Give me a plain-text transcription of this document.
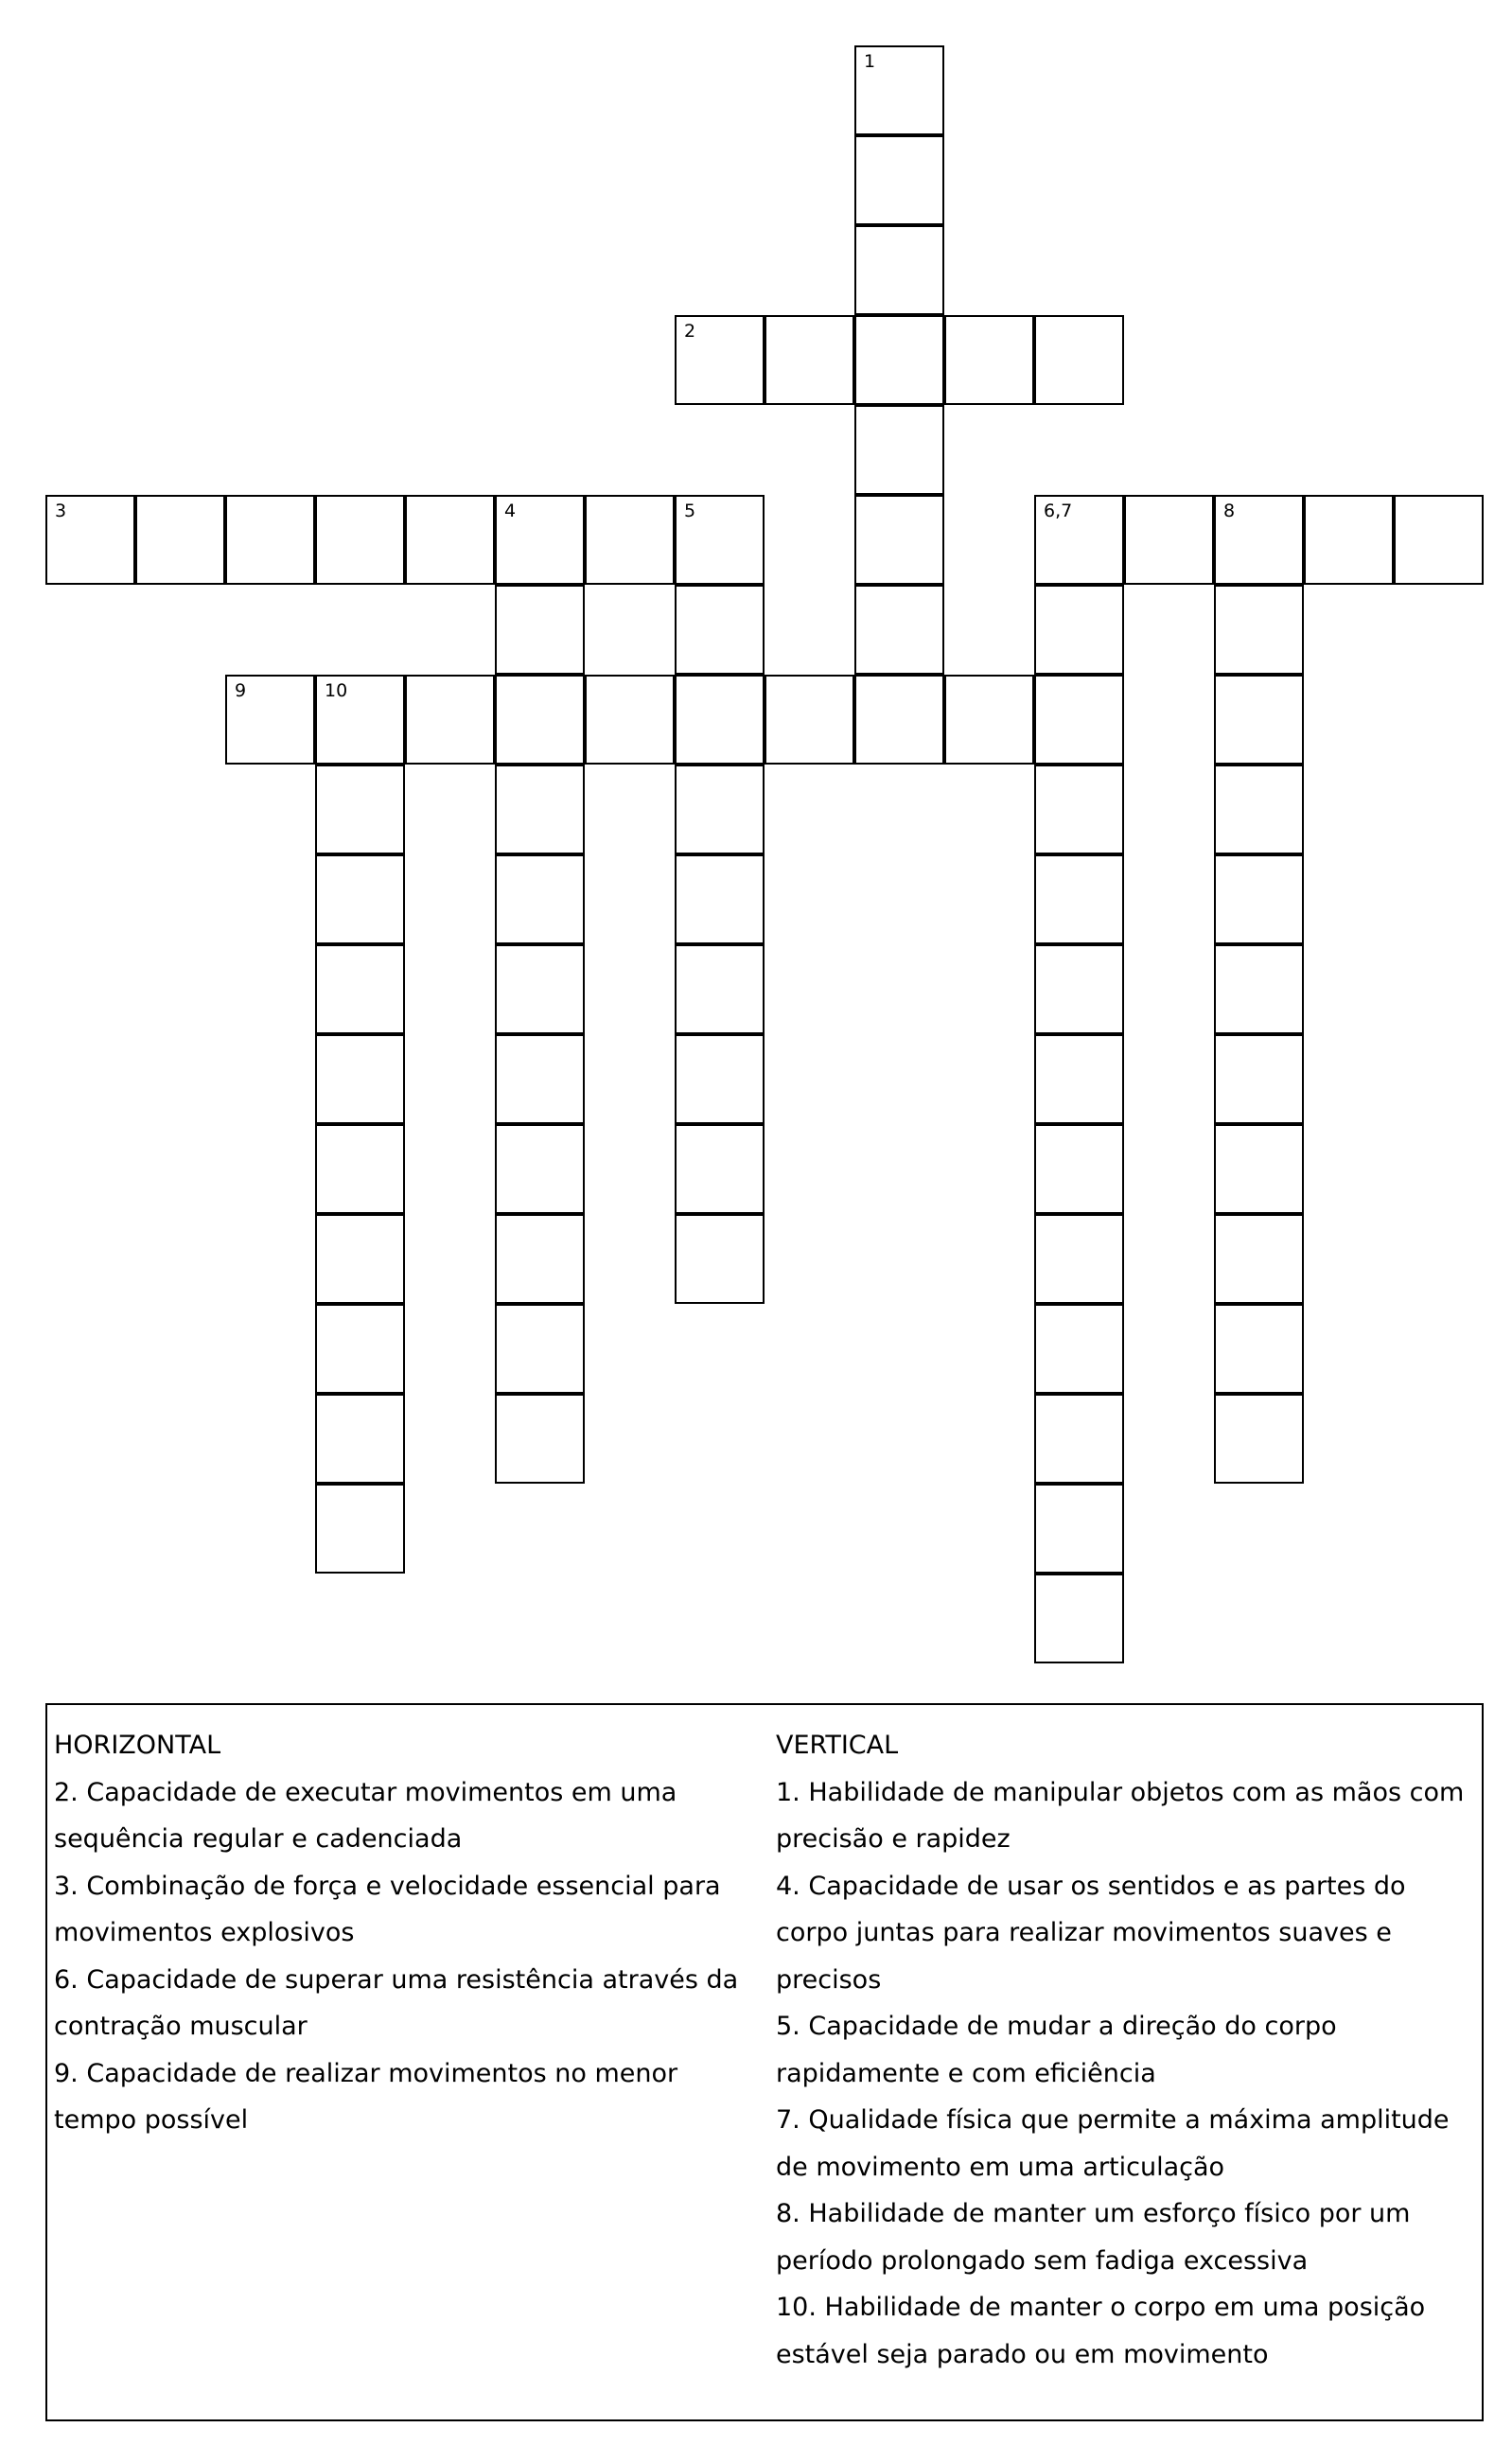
1
2
3	4	5	6,7	8
9	10
HORIZONTAL
2. Capacidade de executar movimentos em uma sequência regular e cadenciada
3. Combinação de força e velocidade essencial para movimentos explosivos
6. Capacidade de superar uma resistência através da contração muscular
9. Capacidade de realizar movimentos no menor tempo possível
VERTICAL
1. Habilidade de manipular objetos com as mãos com precisão e rapidez
4. Capacidade de usar os sentidos e as partes do corpo juntas para realizar movimentos suaves e precisos
5. Capacidade de mudar a direção do corpo rapidamente e com eficiência
7. Qualidade física que permite a máxima amplitude de movimento em uma articulação
8. Habilidade de manter um esforço físico por um período prolongado sem fadiga excessiva
10. Habilidade de manter o corpo em uma posição estável seja parado ou em movimento
